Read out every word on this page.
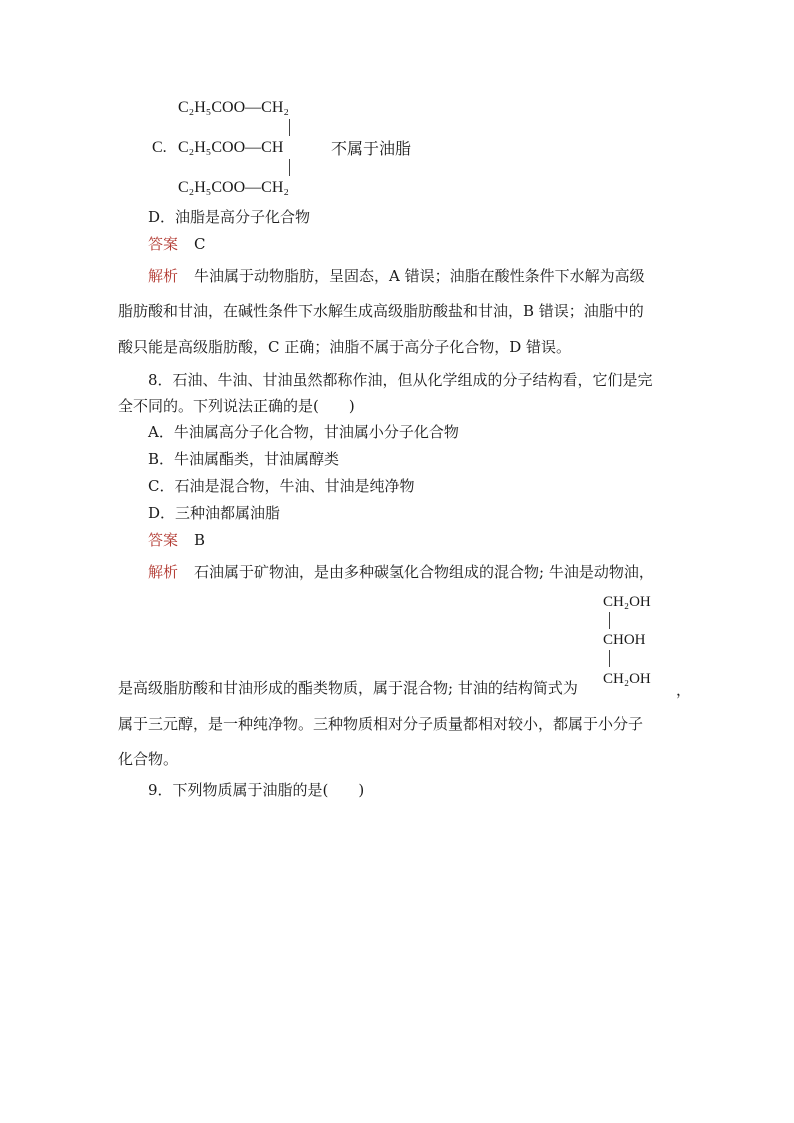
C₂H₅COO—CH₂
C. C₂H₅COO—CH	不属于油脂
C₂H₅COO—CH₂
D．油脂是高分子化合物
答案 C
解析 牛油属于动物脂肪，呈固态，A 错误；油脂在酸性条件下水解为高级
脂肪酸和甘油，在碱性条件下水解生成高级脂肪酸盐和甘油，B 错误；油脂中的
酸只能是高级脂肪酸，C 正确；油脂不属于高分子化合物，D 错误。
8．石油、牛油、甘油虽然都称作油，但从化学组成的分子结构看，它们是完
全不同的。下列说法正确的是(　　)
A．牛油属高分子化合物，甘油属小分子化合物
B．牛油属酯类，甘油属醇类
C．石油是混合物，牛油、甘油是纯净物
D．三种油都属油脂
答案 B
解析 石油属于矿物油，是由多种碳氢化合物组成的混合物; 牛油是动物油，
CH₂OH
CHOH
CH₂OH
是高级脂肪酸和甘油形成的酯类物质，属于混合物; 甘油的结构简式为	，
属于三元醇，是一种纯净物。三种物质相对分子质量都相对较小，都属于小分子
化合物。
9．下列物质属于油脂的是(　　)
